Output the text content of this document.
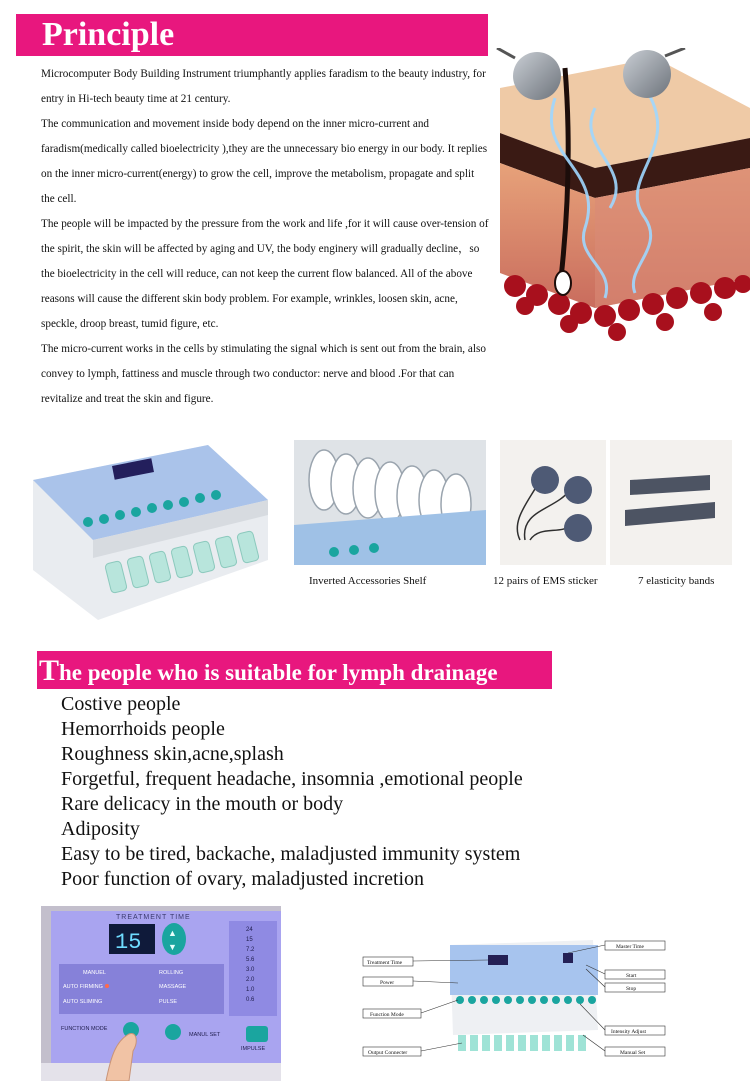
Principle

Microcomputer Body Building Instrument triumphantly applies faradism to the beauty industry, for entry in Hi-tech beauty time at 21 century.

The communication and movement inside body depend on the inner micro-current and faradism(medically called bioelectricity ),they are the unnecessary bio energy in our body. It replies on the inner micro-current(energy) to grow the cell, improve the metabolism, propagate and split the cell.

The people will be impacted by the pressure from the work and life ,for it will cause over-tension of the spirit, the skin will be affected by aging and UV, the body enginery will gradually decline，so the bioelectricity in the cell will reduce, can not keep the current flow balanced. All of the above reasons will cause the different skin body problem. For example, wrinkles, loosen skin, acne, speckle, droop breast, tumid figure, etc.

The micro-current works in the cells by stimulating the signal which is sent out from the brain, also convey to lymph, fattiness and muscle through two conductor: nerve and blood .For that can revitalize and treat the skin and figure.

Inverted Accessories Shelf	12 pairs of EMS sticker	7 elasticity bands
The people who is suitable for lymph drainage
Costive people
Hemorrhoids people
Roughness skin,acne,splash
Forgetful, frequent headache, insomnia ,emotional people
Rare delicacy in the mouth or body
Adiposity
Easy to be tired, backache, maladjusted immunity system
Poor function of ovary, maladjusted incretion
TREATMENT TIME
15	▲
▼
24
15
7.2
5.6
3.0
2.0
1.0
0.6
MANUEL
AUTO FIRMING
AUTO SLIMING
ROLLING
MASSAGE
PULSE
FUNCTION MODE
MANUL SET
IMPULSE
Treatment Time
Power
Function Mode
Output Connecter
Master Time
Start
Stop
Intensity Adjust
Manual Set
